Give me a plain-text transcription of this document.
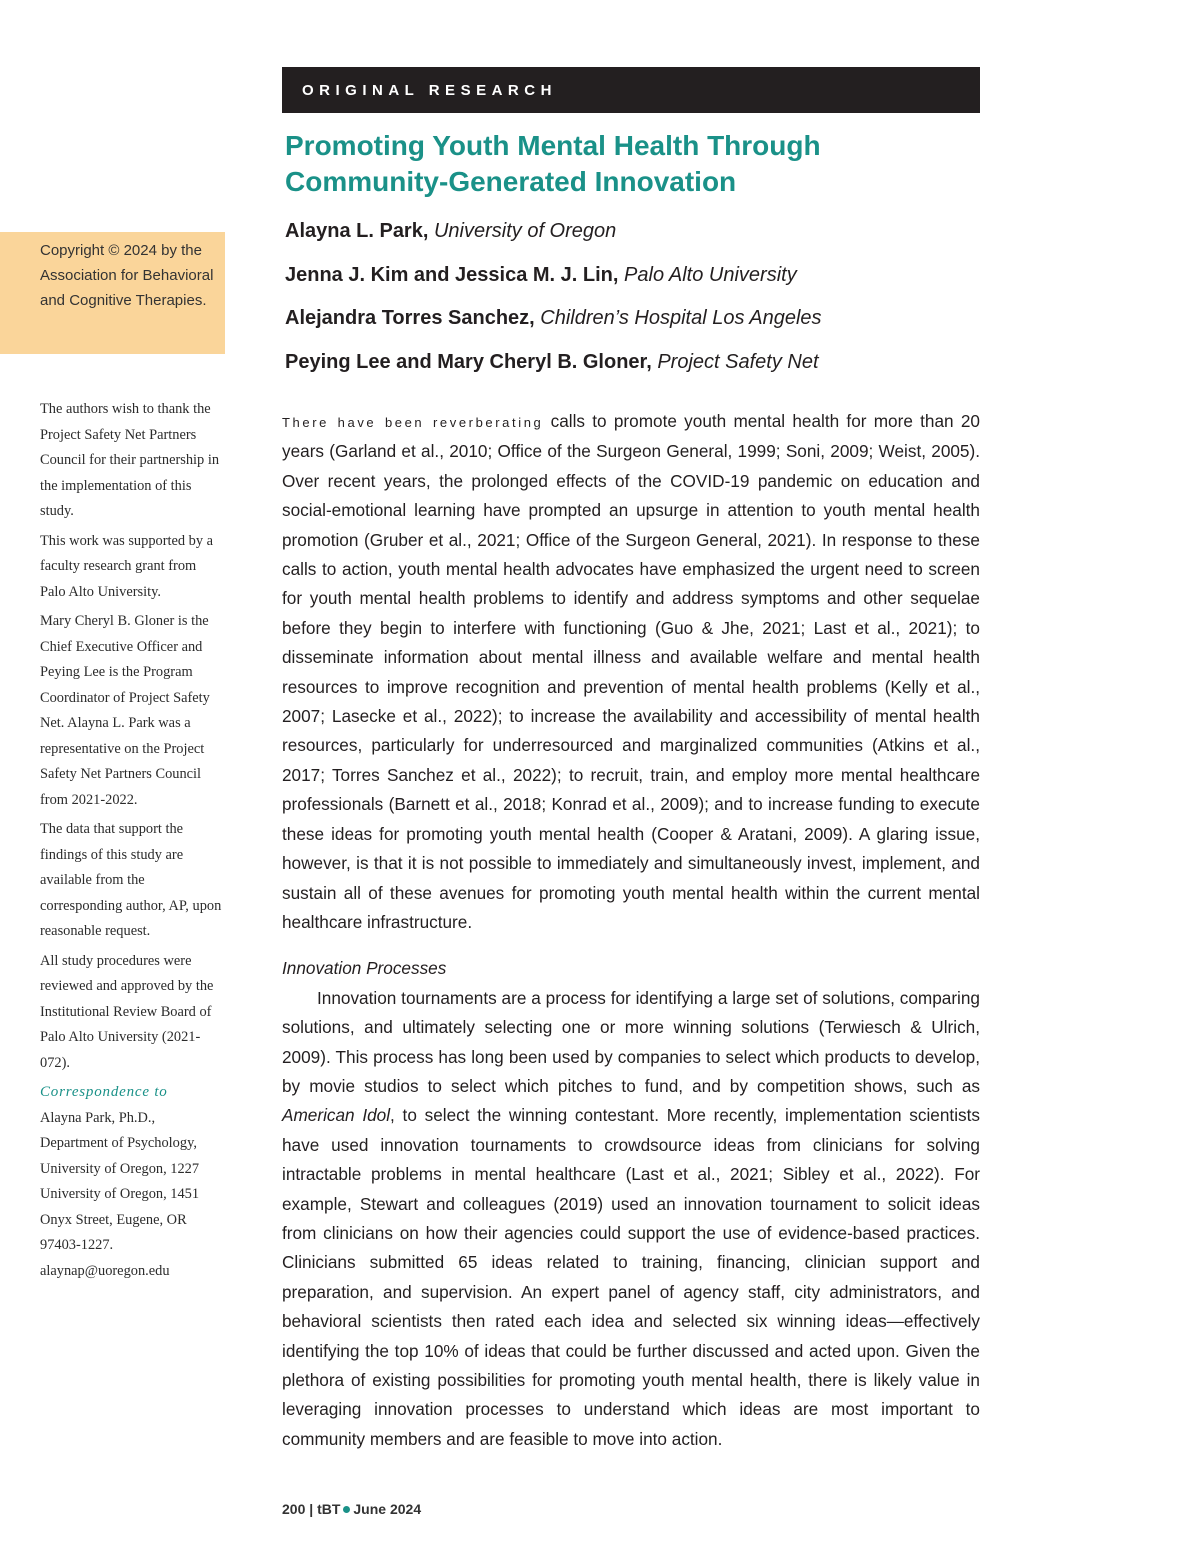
ORIGINAL RESEARCH
Promoting Youth Mental Health Through
Community-Generated Innovation
Alayna L. Park, University of Oregon
Jenna J. Kim and Jessica M. J. Lin, Palo Alto University
Alejandra Torres Sanchez, Children’s Hospital Los Angeles
Peying Lee and Mary Cheryl B. Gloner, Project Safety Net
Copyright © 2024 by the Association for Behavioral and Cognitive Therapies.

The authors wish to thank the Project Safety Net Partners Council for their partnership in the implementation of this study.

This work was supported by a faculty research grant from Palo Alto University.

Mary Cheryl B. Gloner is the Chief Executive Officer and Peying Lee is the Program Coordinator of Project Safety Net. Alayna L. Park was a representative on the Project Safety Net Partners Council from 2021-2022.

The data that support the findings of this study are available from the corresponding author, AP, upon reasonable request.

All study procedures were reviewed and approved by the Institutional Review Board of Palo Alto University (2021-072).

Correspondence to

Alayna Park, Ph.D., Department of Psychology, University of Oregon, 1227 University of Oregon, 1451 Onyx Street, Eugene, OR 97403-1227. alaynap@uoregon.edu

There have been reverberating calls to promote youth mental health for more than 20 years (Garland et al., 2010; Office of the Surgeon General, 1999; Soni, 2009; Weist, 2005). Over recent years, the prolonged effects of the COVID-19 pandemic on education and social-emotional learning have prompted an upsurge in attention to youth mental health promotion (Gruber et al., 2021; Office of the Surgeon General, 2021). In response to these calls to action, youth mental health advocates have emphasized the urgent need to screen for youth mental health problems to identify and address symptoms and other sequelae before they begin to interfere with functioning (Guo & Jhe, 2021; Last et al., 2021); to disseminate information about mental illness and available welfare and mental health resources to improve recognition and prevention of mental health problems (Kelly et al., 2007; Lasecke et al., 2022); to increase the availability and accessibility of mental health resources, particularly for underresourced and marginalized communities (Atkins et al., 2017; Torres Sanchez et al., 2022); to recruit, train, and employ more mental healthcare professionals (Barnett et al., 2018; Konrad et al., 2009); and to increase funding to execute these ideas for promoting youth mental health (Cooper & Aratani, 2009). A glaring issue, however, is that it is not possible to immediately and simultaneously invest, implement, and sustain all of these avenues for promoting youth mental health within the current mental healthcare infrastructure.

Innovation Processes

Innovation tournaments are a process for identifying a large set of solutions, comparing solutions, and ultimately selecting one or more winning solutions (Terwiesch & Ulrich, 2009). This process has long been used by companies to select which products to develop, by movie studios to select which pitches to fund, and by competition shows, such as American Idol, to select the winning contestant. More recently, implementation scientists have used innovation tournaments to crowdsource ideas from clinicians for solving intractable problems in mental healthcare (Last et al., 2021; Sibley et al., 2022). For example, Stewart and colleagues (2019) used an innovation tournament to solicit ideas from clinicians on how their agencies could support the use of evidence-based practices. Clinicians submitted 65 ideas related to training, financing, clinician support and preparation, and supervision. An expert panel of agency staff, city administrators, and behavioral scientists then rated each idea and selected six winning ideas—effectively identifying the top 10% of ideas that could be further discussed and acted upon. Given the plethora of existing possibilities for promoting youth mental health, there is likely value in leveraging innovation processes to understand which ideas are most important to community members and are feasible to move into action.

200 | tBT June 2024
